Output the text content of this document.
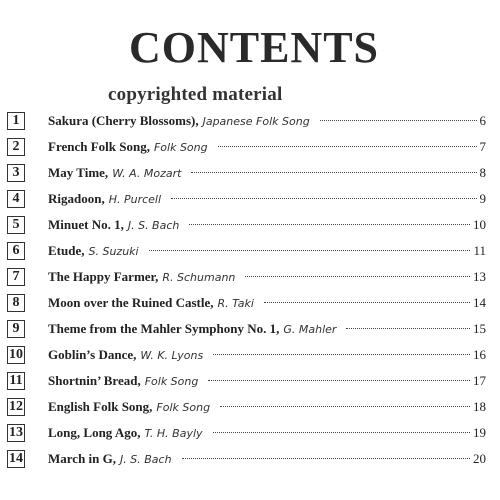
CONTENTS
copyrighted material
1	Sakura (Cherry Blossoms), Japanese Folk Song	6
2	French Folk Song, Folk Song	7
3	May Time, W. A. Mozart	8
4	Rigadoon, H. Purcell	9
5	Minuet No. 1, J. S. Bach	10
6	Etude, S. Suzuki	11
7	The Happy Farmer, R. Schumann	13
8	Moon over the Ruined Castle, R. Taki	14
9	Theme from the Mahler Symphony No. 1, G. Mahler	15
10 Goblin’s Dance, W. K. Lyons	16
11 Shortnin’ Bread, Folk Song	17
12 English Folk Song, Folk Song	18
13 Long, Long Ago, T. H. Bayly	19
14 March in G, J. S. Bach	20
